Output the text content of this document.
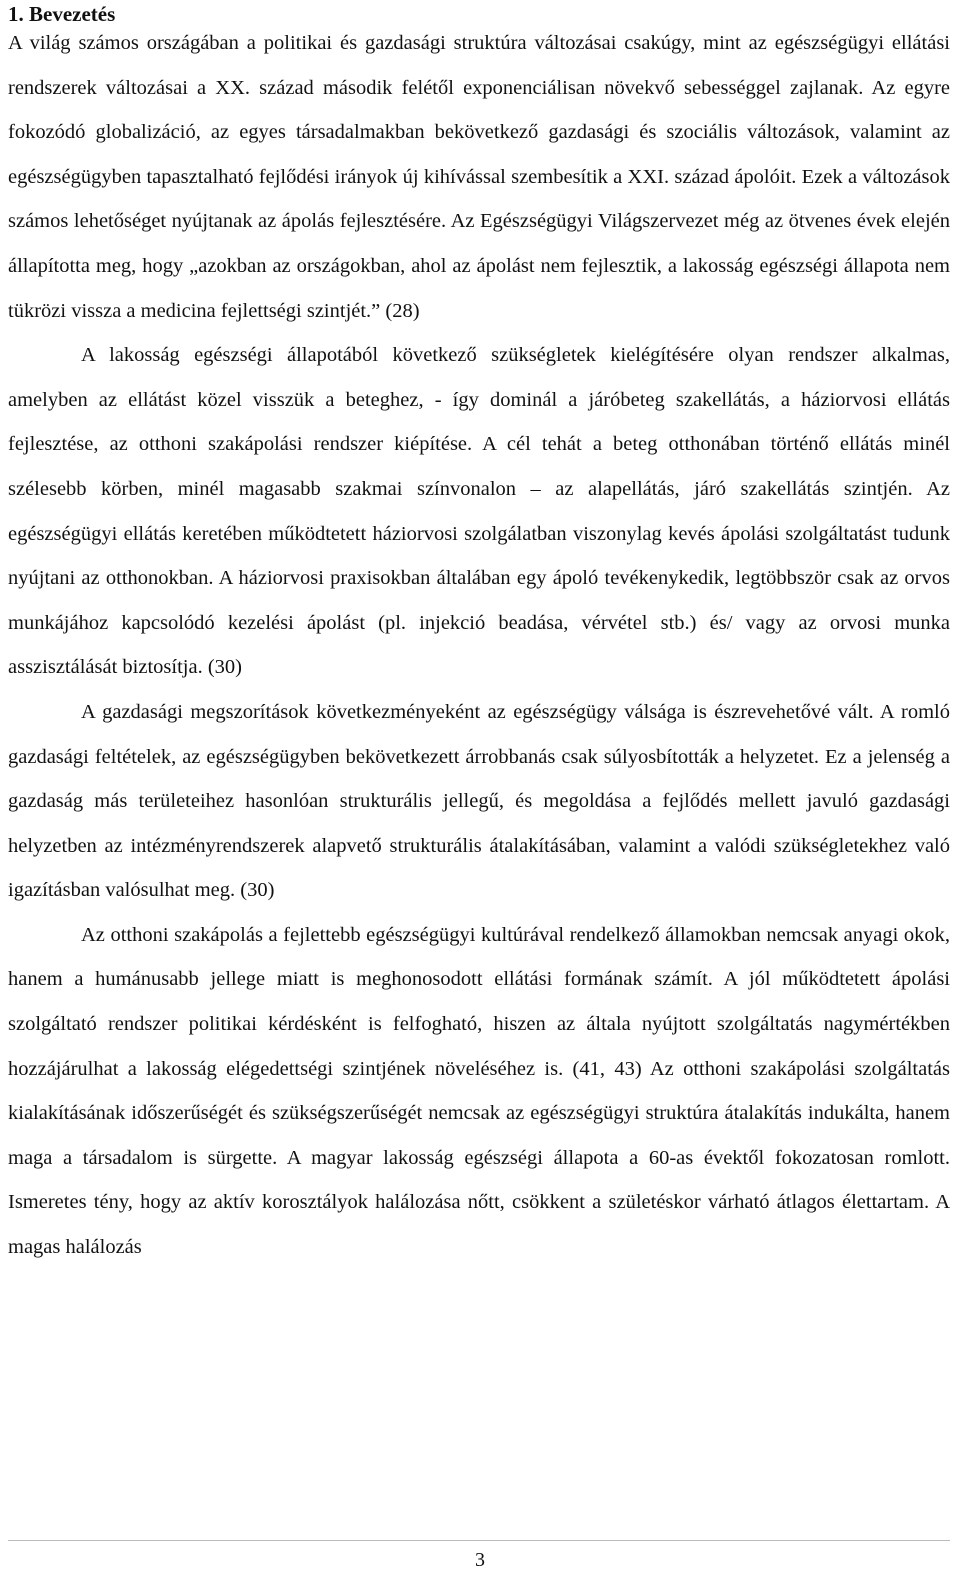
1. Bevezetés

A világ számos országában a politikai és gazdasági struktúra változásai csakúgy, mint az egészségügyi ellátási rendszerek változásai a XX. század második felétől exponenciálisan növekvő sebességgel zajlanak. Az egyre fokozódó globalizáció, az egyes társadalmakban bekövetkező gazdasági és szociális változások, valamint az egészségügyben tapasztalható fejlődési irányok új kihívással szembesítik a XXI. század ápolóit. Ezek a változások számos lehetőséget nyújtanak az ápolás fejlesztésére. Az Egészségügyi Világszervezet még az ötvenes évek elején állapította meg, hogy „azokban az országokban, ahol az ápolást nem fejlesztik, a lakosság egészségi állapota nem tükrözi vissza a medicina fejlettségi szintjét.” (28)

A lakosság egészségi állapotából következő szükségletek kielégítésére olyan rendszer alkalmas, amelyben az ellátást közel visszük a beteghez, - így dominál a járóbeteg szakellátás, a háziorvosi ellátás fejlesztése, az otthoni szakápolási rendszer kiépítése. A cél tehát a beteg otthonában történő ellátás minél szélesebb körben, minél magasabb szakmai színvonalon – az alapellátás, járó szakellátás szintjén. Az egészségügyi ellátás keretében működtetett háziorvosi szolgálatban viszonylag kevés ápolási szolgáltatást tudunk nyújtani az otthonokban. A háziorvosi praxisokban általában egy ápoló tevékenykedik, legtöbbször csak az orvos munkájához kapcsolódó kezelési ápolást (pl. injekció beadása, vérvétel stb.) és/ vagy az orvosi munka asszisztálását biztosítja. (30)

A gazdasági megszorítások következményeként az egészségügy válsága is észrevehetővé vált. A romló gazdasági feltételek, az egészségügyben bekövetkezett árrobbanás csak súlyosbították a helyzetet. Ez a jelenség a gazdaság más területeihez hasonlóan strukturális jellegű, és megoldása a fejlődés mellett javuló gazdasági helyzetben az intézményrendszerek alapvető strukturális átalakításában, valamint a valódi szükségletekhez való igazításban valósulhat meg. (30)

Az otthoni szakápolás a fejlettebb egészségügyi kultúrával rendelkező államokban nemcsak anyagi okok, hanem a humánusabb jellege miatt is meghonosodott ellátási formának számít. A jól működtetett ápolási szolgáltató rendszer politikai kérdésként is felfogható, hiszen az általa nyújtott szolgáltatás nagymértékben hozzájárulhat a lakosság elégedettségi szintjének növeléséhez is. (41, 43) Az otthoni szakápolási szolgáltatás kialakításának időszerűségét és szükségszerűségét nemcsak az egészségügyi struktúra átalakítás indukálta, hanem maga a társadalom is sürgette. A magyar lakosság egészségi állapota a 60-as évektől fokozatosan romlott. Ismeretes tény, hogy az aktív korosztályok halálozása nőtt, csökkent a születéskor várható átlagos élettartam. A magas halálozás

3
